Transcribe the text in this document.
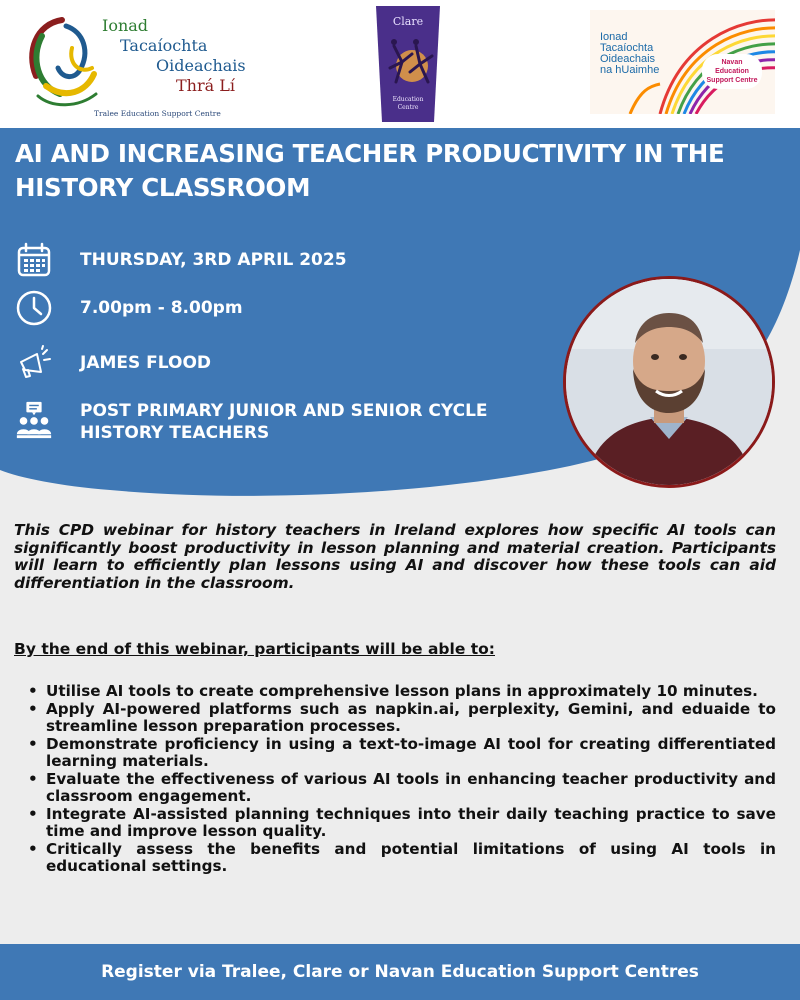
Ionad
Tacaíochta
Oideachais
Thrá Lí
Tralee Education Support Centre
Clare
Education
Centre
Ionad
Tacaíochta
Oideachais
na hUaimhe
Navan
Education
Support Centre
AI AND INCREASING TEACHER PRODUCTIVITY IN THE HISTORY CLASSROOM
THURSDAY, 3RD APRIL 2025
7.00pm - 8.00pm
JAMES FLOOD
POST PRIMARY JUNIOR AND SENIOR CYCLE
HISTORY TEACHERS
This CPD webinar for history teachers in Ireland explores how specific AI tools can significantly boost productivity in lesson planning and material creation. Participants will learn to efficiently plan lessons using AI and discover how these tools can aid differentiation in the classroom.
By the end of this webinar, participants will be able to:
• Utilise AI tools to create comprehensive lesson plans in approximately 10 minutes.
• Apply AI-powered platforms such as napkin.ai, perplexity, Gemini, and eduaide to streamline lesson preparation processes.
• Demonstrate proficiency in using a text-to-image AI tool for creating differentiated learning materials.
• Evaluate the effectiveness of various AI tools in enhancing teacher productivity and classroom engagement.
• Integrate AI-assisted planning techniques into their daily teaching practice to save time and improve lesson quality.
• Critically assess the benefits and potential limitations of using AI tools in educational settings.
Register via Tralee, Clare or Navan Education Support Centres
